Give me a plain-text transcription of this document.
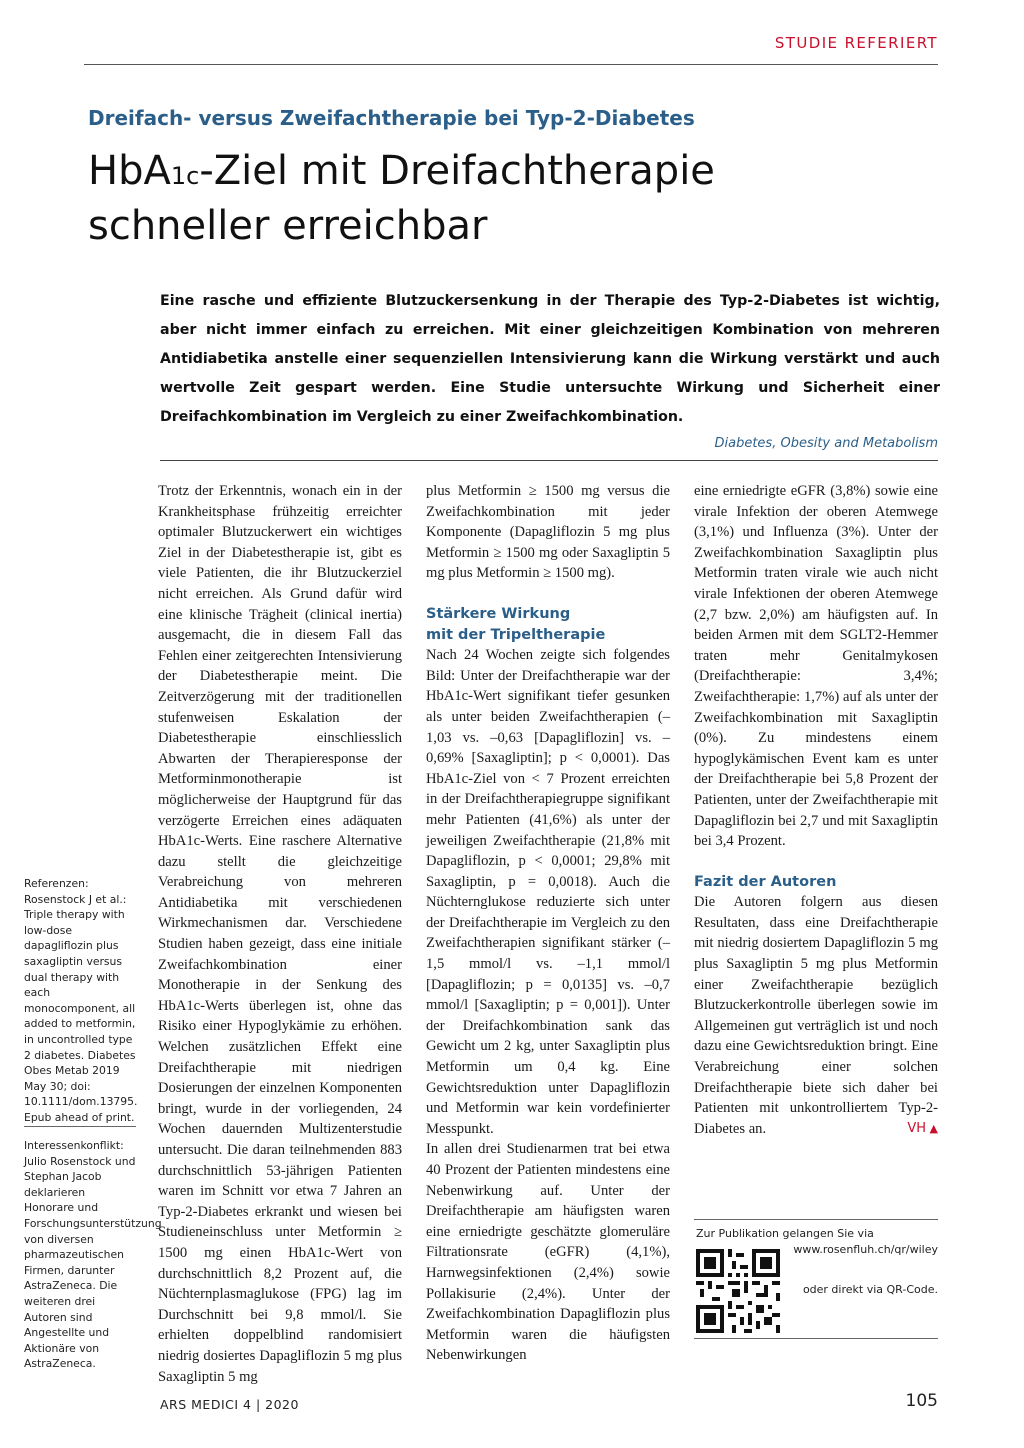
STUDIE REFERIERT
Dreifach- versus Zweifachtherapie bei Typ-2-Diabetes
HbA1c-Ziel mit Dreifachtherapie
schneller erreichbar

Eine rasche und effiziente Blutzuckersenkung in der Therapie des Typ-2-Diabetes ist wichtig, aber nicht immer einfach zu erreichen. Mit einer gleichzeitigen Kombination von mehreren Antidiabetika anstelle einer sequenziellen Intensivierung kann die Wirkung verstärkt und auch wertvolle Zeit gespart werden. Eine Studie untersuchte Wirkung und Sicherheit einer Dreifachkombination im Vergleich zu einer Zweifachkombination.

Diabetes, Obesity and Metabolism

Trotz der Erkenntnis, wonach ein in der Krankheitsphase frühzeitig erreichter optimaler Blutzuckerwert ein wichtiges Ziel in der Diabetestherapie ist, gibt es viele Patienten, die ihr Blutzuckerziel nicht erreichen. Als Grund dafür wird eine klinische Trägheit (clinical inertia) ausgemacht, die in diesem Fall das Fehlen einer zeitgerechten Intensivierung der Diabetestherapie meint. Die Zeitverzögerung mit der traditionellen stufenweisen Eskalation der Diabetestherapie einschliesslich Abwarten der Therapieresponse der Metforminmonotherapie ist möglicherweise der Hauptgrund für das verzögerte Erreichen eines adäquaten HbA1c-Werts. Eine raschere Alternative dazu stellt die gleichzeitige Verabreichung von mehreren Antidiabetika mit verschiedenen Wirkmechanismen dar. Verschiedene Studien haben gezeigt, dass eine initiale Zweifachkombination einer Monotherapie in der Senkung des HbA1c-Werts überlegen ist, ohne das Risiko einer Hypoglykämie zu erhöhen. Welchen zusätzlichen Effekt eine Dreifachtherapie mit niedrigen Dosierungen der einzelnen Komponenten bringt, wurde in der vorliegenden, 24 Wochen dauernden Multizenterstudie untersucht. Die daran teilnehmenden 883 durchschnittlich 53-jährigen Patienten waren im Schnitt vor etwa 7 Jahren an Typ-2-Diabetes erkrankt und wiesen bei Studieneinschluss unter Metformin ≥ 1500 mg einen HbA1c-Wert von durchschnittlich 8,2 Prozent auf, die Nüchternplasmaglukose (FPG) lag im Durchschnitt bei 9,8 mmol/l. Sie erhielten doppelblind randomisiert niedrig dosiertes Dapagliflozin 5 mg plus Saxagliptin 5 mg

plus Metformin ≥ 1500 mg versus die Zweifachkombination mit jeder Komponente (Dapagliflozin 5 mg plus Metformin ≥ 1500 mg oder Saxagliptin 5 mg plus Metformin ≥ 1500 mg).

Stärkere Wirkung
mit der Tripeltherapie

Nach 24 Wochen zeigte sich folgendes Bild: Unter der Dreifachtherapie war der HbA1c-Wert signifikant tiefer gesunken als unter beiden Zweifachtherapien (–1,03 vs. –0,63 [Dapagliflozin] vs. –0,69% [Saxagliptin]; p < 0,0001). Das HbA1c-Ziel von < 7 Prozent erreichten in der Dreifachtherapiegruppe signifikant mehr Patienten (41,6%) als unter der jeweiligen Zweifachtherapie (21,8% mit Dapagliflozin, p < 0,0001; 29,8% mit Saxagliptin, p = 0,0018). Auch die Nüchternglukose reduzierte sich unter der Dreifachtherapie im Vergleich zu den Zweifachtherapien signifikant stärker (–1,5 mmol/l vs. –1,1 mmol/l [Dapagliflozin; p = 0,0135] vs. –0,7 mmol/l [Saxagliptin; p = 0,001]). Unter der Dreifachkombination sank das Gewicht um 2 kg, unter Saxagliptin plus Metformin um 0,4 kg. Eine Gewichtsreduktion unter Dapagliflozin und Metformin war kein vordefinierter Messpunkt.

In allen drei Studienarmen trat bei etwa 40 Prozent der Patienten mindestens eine Nebenwirkung auf. Unter der Dreifachtherapie am häufigsten waren eine erniedrigte geschätzte glomeruläre Filtrationsrate (eGFR) (4,1%), Harnwegsinfektionen (2,4%) sowie Pollakisurie (2,4%). Unter der Zweifachkombination Dapagliflozin plus Metformin waren die häufigsten Nebenwirkungen

eine erniedrigte eGFR (3,8%) sowie eine virale Infektion der oberen Atemwege (3,1%) und Influenza (3%). Unter der Zweifachkombination Saxagliptin plus Metformin traten virale wie auch nicht virale Infektionen der oberen Atemwege (2,7 bzw. 2,0%) am häufigsten auf. In beiden Armen mit dem SGLT2-Hemmer traten mehr Genitalmykosen (Dreifachtherapie: 3,4%; Zweifachtherapie: 1,7%) auf als unter der Zweifachkombination mit Saxagliptin (0%). Zu mindestens einem hypoglykämischen Event kam es unter der Dreifachtherapie bei 5,8 Prozent der Patienten, unter der Zweifachtherapie mit Dapagliflozin bei 2,7 und mit Saxagliptin bei 3,4 Prozent.

Fazit der Autoren

Die Autoren folgern aus diesen Resultaten, dass eine Dreifachtherapie mit niedrig dosiertem Dapagliflozin 5 mg plus Saxagliptin 5 mg plus Metformin einer Zweifachtherapie bezüglich Blutzuckerkontrolle überlegen sowie im Allgemeinen gut verträglich ist und noch dazu eine Gewichtsreduktion bringt. Eine Verabreichung einer solchen Dreifachtherapie biete sich daher bei Patienten mit unkontrolliertem Typ-2-Diabetes an.	VH ▲

Referenzen: Rosenstock J et al.: Triple therapy with low-dose dapagliflozin plus saxagliptin versus dual therapy with each monocomponent, all added to metformin, in uncontrolled type 2 diabetes. Diabetes Obes Metab 2019 May 30; doi: 10.1111/dom.13795. Epub ahead of print.
Interessenkonflikt: Julio Rosenstock und Stephan Jacob deklarieren Honorare und Forschungsunterstützung von diversen pharmazeutischen Firmen, darunter AstraZeneca. Die weiteren drei Autoren sind Angestellte und Aktionäre von AstraZeneca.
Zur Publikation gelangen Sie via
www.rosenfluh.ch/qr/wiley
oder direkt via QR-Code.
ARS MEDICI 4 | 2020	105
